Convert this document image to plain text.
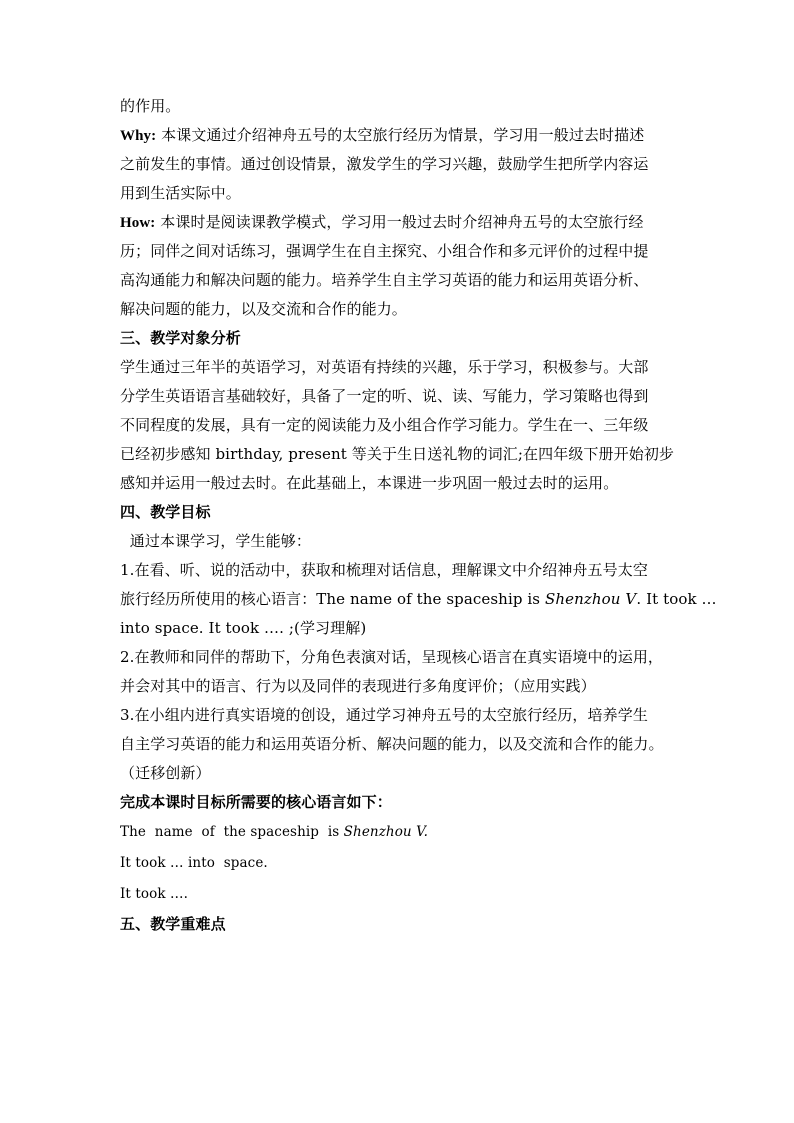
的作用。
Why: 本课文通过介绍神舟五号的太空旅行经历为情景，学习用一般过去时描述
之前发生的事情。通过创设情景，激发学生的学习兴趣，鼓励学生把所学内容运
用到生活实际中。
How: 本课时是阅读课教学模式，学习用一般过去时介绍神舟五号的太空旅行经
历；同伴之间对话练习，强调学生在自主探究、小组合作和多元评价的过程中提
高沟通能力和解决问题的能力。培养学生自主学习英语的能力和运用英语分析、
解决问题的能力，以及交流和合作的能力。
三、教学对象分析
学生通过三年半的英语学习，对英语有持续的兴趣，乐于学习，积极参与。大部
分学生英语语言基础较好，具备了一定的听、说、读、写能力，学习策略也得到
不同程度的发展，具有一定的阅读能力及小组合作学习能力。学生在一、三年级
已经初步感知 birthday, present 等关于生日送礼物的词汇;在四年级下册开始初步
感知并运用一般过去时。在此基础上，本课进一步巩固一般过去时的运用。
四、教学目标
通过本课学习，学生能够：
1.在看、听、说的活动中，获取和梳理对话信息，理解课文中介绍神舟五号太空
旅行经历所使用的核心语言：The name of the spaceship is Shenzhou V. It took …
into space. It took …. ;(学习理解)
2.在教师和同伴的帮助下，分角色表演对话，呈现核心语言在真实语境中的运用，
并会对其中的语言、行为以及同伴的表现进行多角度评价；（应用实践）
3.在小组内进行真实语境的创设，通过学习神舟五号的太空旅行经历，培养学生
自主学习英语的能力和运用英语分析、解决问题的能力，以及交流和合作的能力。
（迁移创新）
完成本课时目标所需要的核心语言如下：
The  name  of  the spaceship  is Shenzhou V.
It took … into  space.
It took ….
五、教学重难点
